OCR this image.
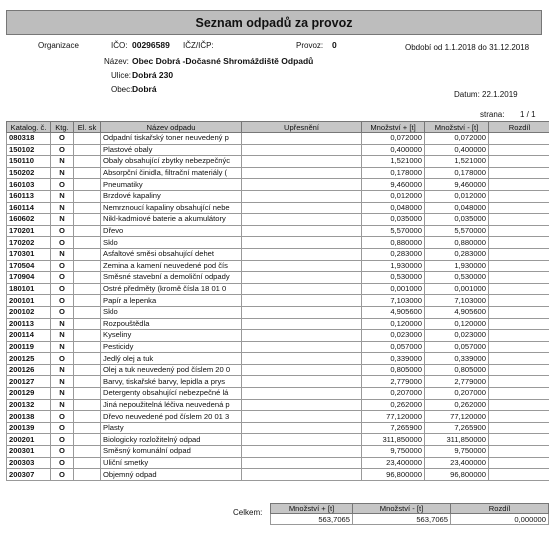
Seznam odpadů za provoz
Organizace	IČO: 00296589 IČZ/IČP:	Provoz: 0	Období od 1.1.2018 do 31.12.2018
Název: Obec Dobrá -Dočasné Shromáždiště Odpadů
Ulice: Dobrá 230
Obec: Dobrá
Datum: 22.1.2019
strana: 1 / 1
Katalog. č.	Ktg.	El. sk	Název odpadu	Upřesnění	Množství + [t]	Množství - [t]	Rozdíl
080318	O		Odpadní tiskařský toner neuvedený p		0,072000	0,072000	
150102	O		Plastové obaly		0,400000	0,400000	
150110	N		Obaly obsahující zbytky nebezpečnýc		1,521000	1,521000	
150202	N		Absorpční činidla, filtrační materiály (		0,178000	0,178000	
160103	O		Pneumatiky		9,460000	9,460000	
160113	N		Brzdové kapaliny		0,012000	0,012000	
160114	N		Nemrznoucí kapaliny obsahující nebe		0,048000	0,048000	
160602	N		Nikl-kadmiové baterie a akumulátory		0,035000	0,035000	
170201	O		Dřevo		5,570000	5,570000	
170202	O		Sklo		0,880000	0,880000	
170301	N		Asfaltové směsi obsahující dehet		0,283000	0,283000	
170504	O		Zemina a kamení neuvedené pod čís		1,930000	1,930000	
170904	O		Směsné stavební a demoliční odpady		0,530000	0,530000	
180101	O		Ostré předměty (kromě čísla 18 01 0		0,001000	0,001000	
200101	O		Papír a lepenka		7,103000	7,103000	
200102	O		Sklo		4,905600	4,905600	
200113	N		Rozpouštědla		0,120000	0,120000	
200114	N		Kyseliny		0,023000	0,023000	
200119	N		Pesticidy		0,057000	0,057000	
200125	O		Jedlý olej a tuk		0,339000	0,339000	
200126	N		Olej a tuk neuvedený pod číslem 20 0		0,805000	0,805000	
200127	N		Barvy, tiskařské barvy, lepidla a prys		2,779000	2,779000	
200129	N		Detergenty obsahující nebezpečné lá		0,207000	0,207000	
200132	N		Jiná nepoužitelná léčiva neuvedená p		0,262000	0,262000	
200138	O		Dřevo neuvedené pod číslem 20 01 3		77,120000	77,120000	
200139	O		Plasty		7,265900	7,265900	
200201	O		Biologicky rozložitelný odpad		311,850000	311,850000	
200301	O		Směsný komunální odpad		9,750000	9,750000	
200303	O		Uliční smetky		23,400000	23,400000	
200307	O		Objemný odpad		96,800000	96,800000	
Množství + [t]	Množství - [t]	Rozdíl
563,7065	563,7065	0,000000
Celkem:
